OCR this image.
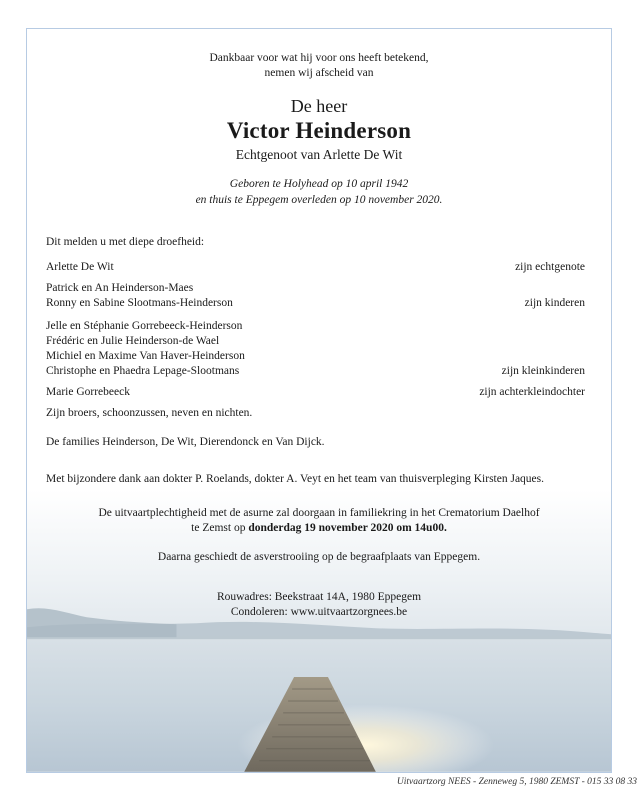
Dankbaar voor wat hij voor ons heeft betekend,
nemen wij afscheid van
De heer
Victor Heinderson
Echtgenoot van Arlette De Wit
Geboren te Holyhead op 10 april 1942
en thuis te Eppegem overleden op 10 november 2020.
Dit melden u met diepe droefheid:
Arlette De Wit	zijn echtgenote
Patrick en An Heinderson-Maes
Ronny en Sabine Slootmans-Heinderson	zijn kinderen
Jelle en Stéphanie Gorrebeeck-Heinderson
Frédéric en Julie Heinderson-de Wael
Michiel en Maxime Van Haver-Heinderson
Christophe en Phaedra Lepage-Slootmans	zijn kleinkinderen
Marie Gorrebeeck	zijn achterkleindochter
Zijn broers, schoonzussen, neven en nichten.
De families Heinderson, De Wit, Dierendonck en Van Dijck.
Met bijzondere dank aan dokter P. Roelands, dokter A. Veyt en het team van thuisverpleging Kirsten Jaques.
De uitvaartplechtigheid met de asurne zal doorgaan in familiekring in het Crematorium Daelhof
te Zemst op donderdag 19 november 2020 om 14u00.
Daarna geschiedt de asverstrooiing op de begraafplaats van Eppegem.
Rouwadres: Beekstraat 14A, 1980 Eppegem
Condoleren: www.uitvaartzorgnees.be
Uitvaartzorg NEES - Zenneweg 5, 1980 ZEMST - 015 33 08 33
